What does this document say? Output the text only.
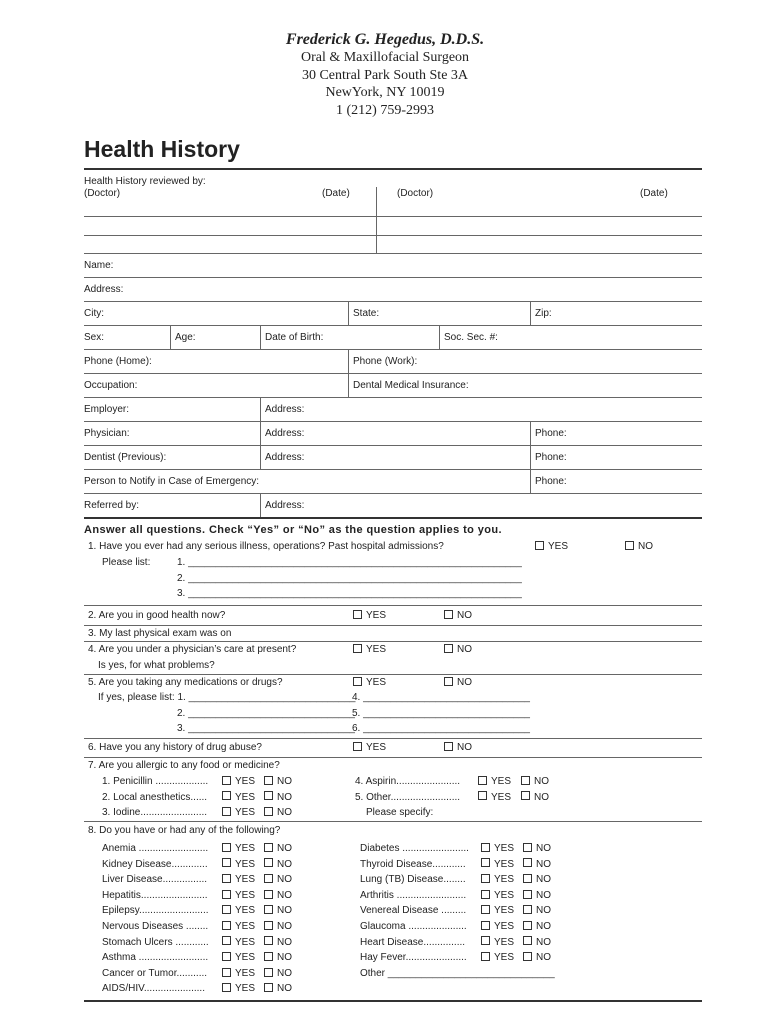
Frederick G. Hegedus, D.D.S.
Oral & Maxillofacial Surgeon
30 Central Park South Ste 3A
NewYork, NY 10019
1 (212) 759-2993
Health History
Health History reviewed by:
(Doctor)	(Date)	(Doctor)	(Date)
Name:
Address:
City:	State:	Zip:
Sex:	Age:	Date of Birth:	Soc. Sec. #:
Phone (Home):	Phone (Work):
Occupation:	Dental Medical Insurance:
Employer:	Address:
Physician:	Address:	Phone:
Dentist (Previous):	Address:	Phone:
Person to Notify in Case of Emergency:	Phone:
Referred by:	Address:
Answer all questions. Check “Yes” or “No” as the question applies to you.
1. Have you ever had any serious illness, operations? Past hospital admissions?	YES	NO
Please list:	1. ____________________________________________________________
2. ____________________________________________________________
3. ____________________________________________________________
2. Are you in good health now?	YES	NO
3. My last physical exam was on
4. Are you under a physician’s care at present?	YES	NO
Is yes, for what problems?
5. Are you taking any medications or drugs?	YES	NO
If yes, please list: 1. ______________________________
2. ______________________________
3. ______________________________
4. ______________________________
5. ______________________________
6. ______________________________
6. Have you any history of drug abuse?	YES	NO
7. Are you allergic to any food or medicine?
1. Penicillin ...................	YES	NO
2. Local anesthetics......	YES	NO
3. Iodine........................	YES	NO
4. Aspirin.......................	YES	NO
5. Other.........................	YES	NO
Please specify:
8. Do you have or had any of the following?
Anemia .........................	YES	NO
Kidney Disease.............	YES	NO
Liver Disease................	YES	NO
Hepatitis........................	YES	NO
Epilepsy.........................	YES	NO
Nervous Diseases ........	YES	NO
Stomach Ulcers ............	YES	NO
Asthma .........................	YES	NO
Cancer or Tumor...........	YES	NO
AIDS/HIV......................	YES	NO
Diabetes ........................	YES	NO
Thyroid Disease............	YES	NO
Lung (TB) Disease........	YES	NO
Arthritis .........................	YES	NO
Venereal Disease .........	YES	NO
Glaucoma .....................	YES	NO
Heart Disease...............	YES	NO
Hay Fever......................	YES	NO
Other ______________________________
